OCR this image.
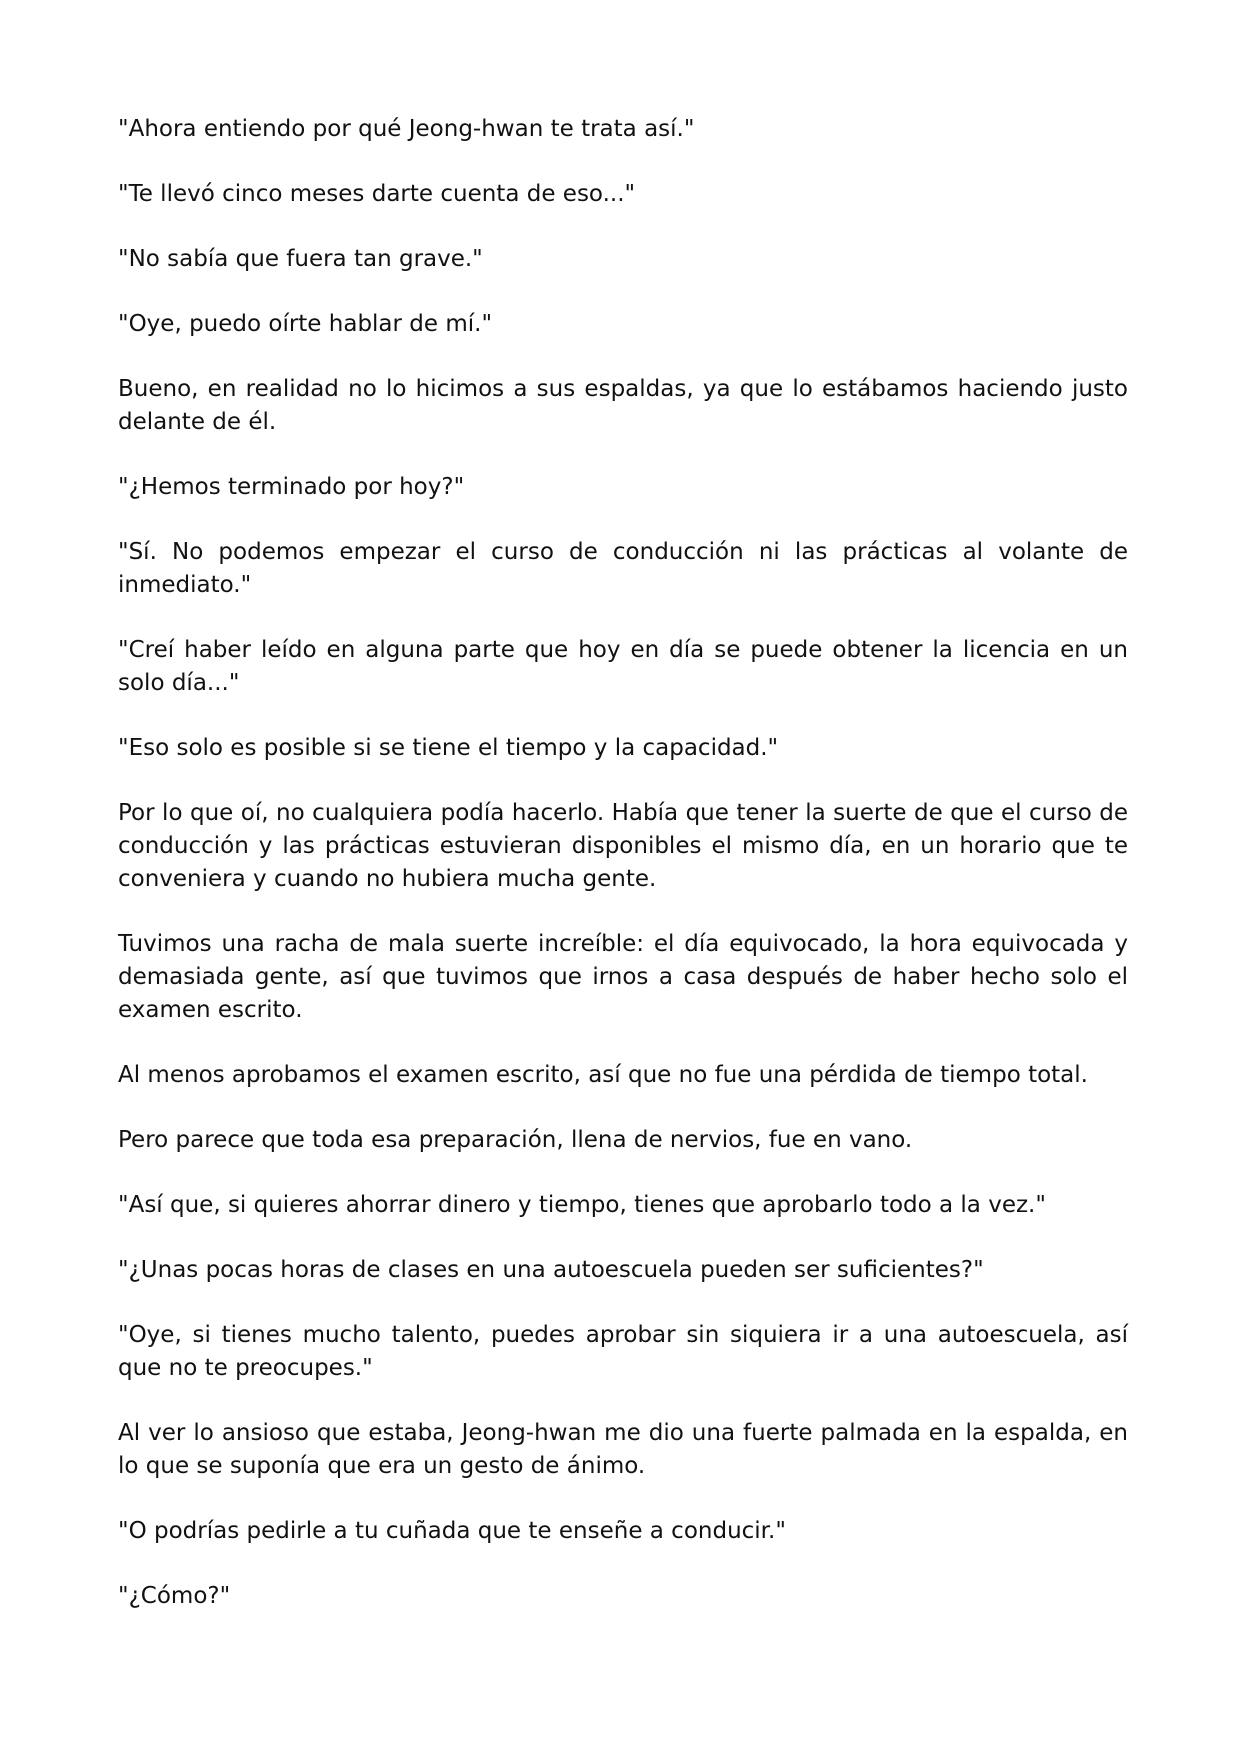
"Ahora entiendo por qué Jeong-hwan te trata así."

"Te llevó cinco meses darte cuenta de eso..."

"No sabía que fuera tan grave."

"Oye, puedo oírte hablar de mí."

Bueno, en realidad no lo hicimos a sus espaldas, ya que lo estábamos haciendo justo delante de él.

"¿Hemos terminado por hoy?"

"Sí. No podemos empezar el curso de conducción ni las prácticas al volante de inmediato."

"Creí haber leído en alguna parte que hoy en día se puede obtener la licencia en un solo día..."

"Eso solo es posible si se tiene el tiempo y la capacidad."

Por lo que oí, no cualquiera podía hacerlo. Había que tener la suerte de que el curso de conducción y las prácticas estuvieran disponibles el mismo día, en un horario que te conveniera y cuando no hubiera mucha gente.

Tuvimos una racha de mala suerte increíble: el día equivocado, la hora equivocada y demasiada gente, así que tuvimos que irnos a casa después de haber hecho solo el examen escrito.

Al menos aprobamos el examen escrito, así que no fue una pérdida de tiempo total.

Pero parece que toda esa preparación, llena de nervios, fue en vano.

"Así que, si quieres ahorrar dinero y tiempo, tienes que aprobarlo todo a la vez."

"¿Unas pocas horas de clases en una autoescuela pueden ser suficientes?"

"Oye, si tienes mucho talento, puedes aprobar sin siquiera ir a una autoescuela, así que no te preocupes."

Al ver lo ansioso que estaba, Jeong-hwan me dio una fuerte palmada en la espalda, en lo que se suponía que era un gesto de ánimo.

"O podrías pedirle a tu cuñada que te enseñe a conducir."

"¿Cómo?"
